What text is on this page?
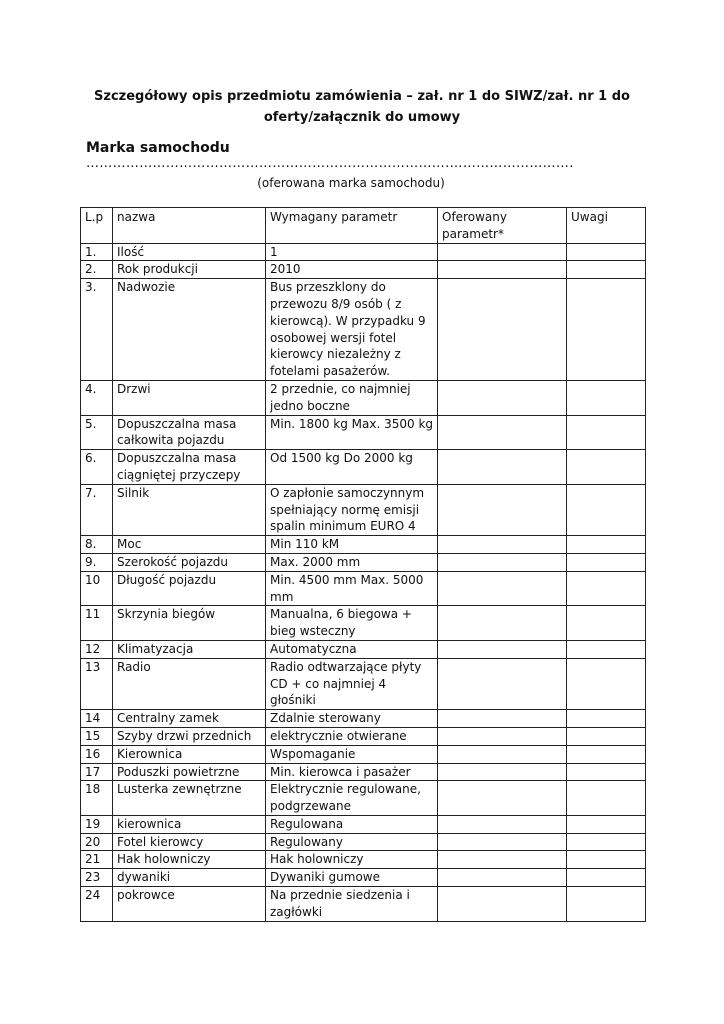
Szczegółowy opis przedmiotu zamówienia – zał. nr 1 do SIWZ/zał. nr 1 do
oferty/załącznik do umowy
Marka samochodu
……………………………………………………………………….……………………….
(oferowana marka samochodu)
L.p	nazwa	Wymagany parametr	Oferowany parametr*	Uwagi
1.	Ilość	1		
2.	Rok produkcji	2010		
3.	Nadwozie	Bus przeszklony do przewozu 8/9 osób ( z kierowcą). W przypadku 9 osobowej wersji fotel kierowcy niezależny z fotelami pasażerów.		
4.	Drzwi	2 przednie, co najmniej jedno boczne		
5.	Dopuszczalna masa całkowita pojazdu	Min. 1800 kg Max. 3500 kg		
6.	Dopuszczalna masa ciągniętej przyczepy	Od 1500 kg Do 2000 kg		
7.	Silnik	O zapłonie samoczynnym spełniający normę emisji spalin minimum EURO 4		
8.	Moc	Min 110 kM		
9.	Szerokość pojazdu	Max. 2000 mm		
10	Długość pojazdu	Min. 4500 mm Max. 5000 mm		
11	Skrzynia biegów	Manualna, 6 biegowa + bieg wsteczny		
12	Klimatyzacja	Automatyczna		
13	Radio	Radio odtwarzające płyty CD + co najmniej 4 głośniki		
14	Centralny zamek	Zdalnie sterowany		
15	Szyby drzwi przednich	elektrycznie otwierane		
16	Kierownica	Wspomaganie		
17	Poduszki powietrzne	Min. kierowca i pasażer		
18	Lusterka zewnętrzne	Elektrycznie regulowane, podgrzewane		
19	kierownica	Regulowana		
20	Fotel kierowcy	Regulowany		
21	Hak holowniczy	Hak holowniczy		
23	dywaniki	Dywaniki gumowe		
24	pokrowce	Na przednie siedzenia i zagłówki		
